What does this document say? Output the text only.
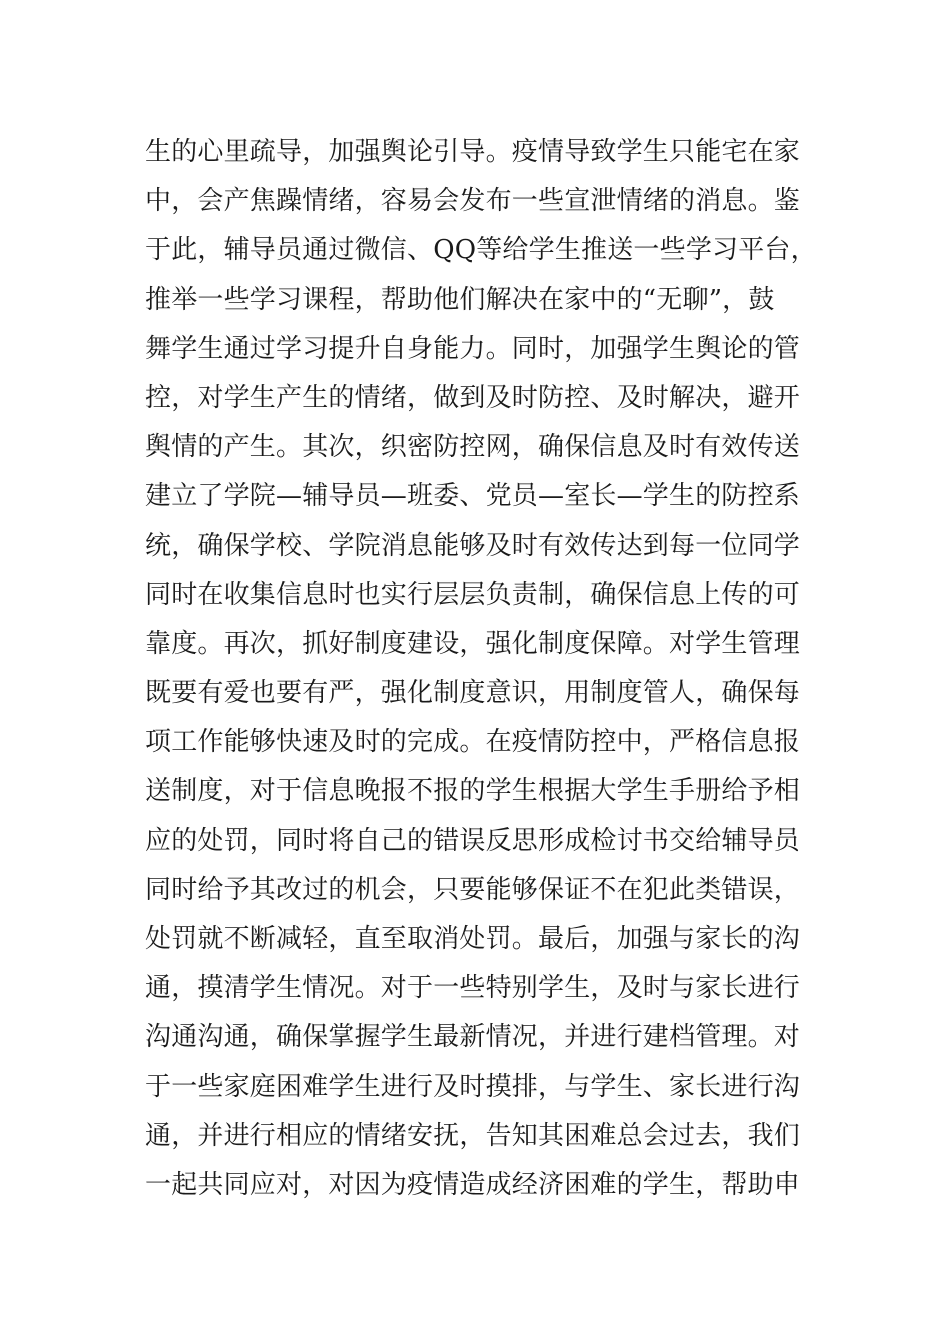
生的心里疏导，加强舆论引导。疫情导致学生只能宅在家
中，会产焦躁情绪，容易会发布一些宣泄情绪的消息。鉴
于此，辅导员通过微信、QQ等给学生推送一些学习平台，
推举一些学习课程，帮助他们解决在家中的“无聊”，鼓
舞学生通过学习提升自身能力。同时，加强学生舆论的管
控，对学生产生的情绪，做到及时防控、及时解决，避开
舆情的产生。其次，织密防控网，确保信息及时有效传送
建立了学院—辅导员—班委、党员—室长—学生的防控系
统，确保学校、学院消息能够及时有效传达到每一位同学
同时在收集信息时也实行层层负责制，确保信息上传的可
靠度。再次，抓好制度建设，强化制度保障。对学生管理
既要有爱也要有严，强化制度意识，用制度管人，确保每
项工作能够快速及时的完成。在疫情防控中，严格信息报
送制度，对于信息晚报不报的学生根据大学生手册给予相
应的处罚，同时将自己的错误反思形成检讨书交给辅导员
同时给予其改过的机会，只要能够保证不在犯此类错误，
处罚就不断减轻，直至取消处罚。最后，加强与家长的沟
通，摸清学生情况。对于一些特别学生，及时与家长进行
沟通沟通，确保掌握学生最新情况，并进行建档管理。对
于一些家庭困难学生进行及时摸排，与学生、家长进行沟
通，并进行相应的情绪安抚，告知其困难总会过去，我们
一起共同应对，对因为疫情造成经济困难的学生，帮助申
